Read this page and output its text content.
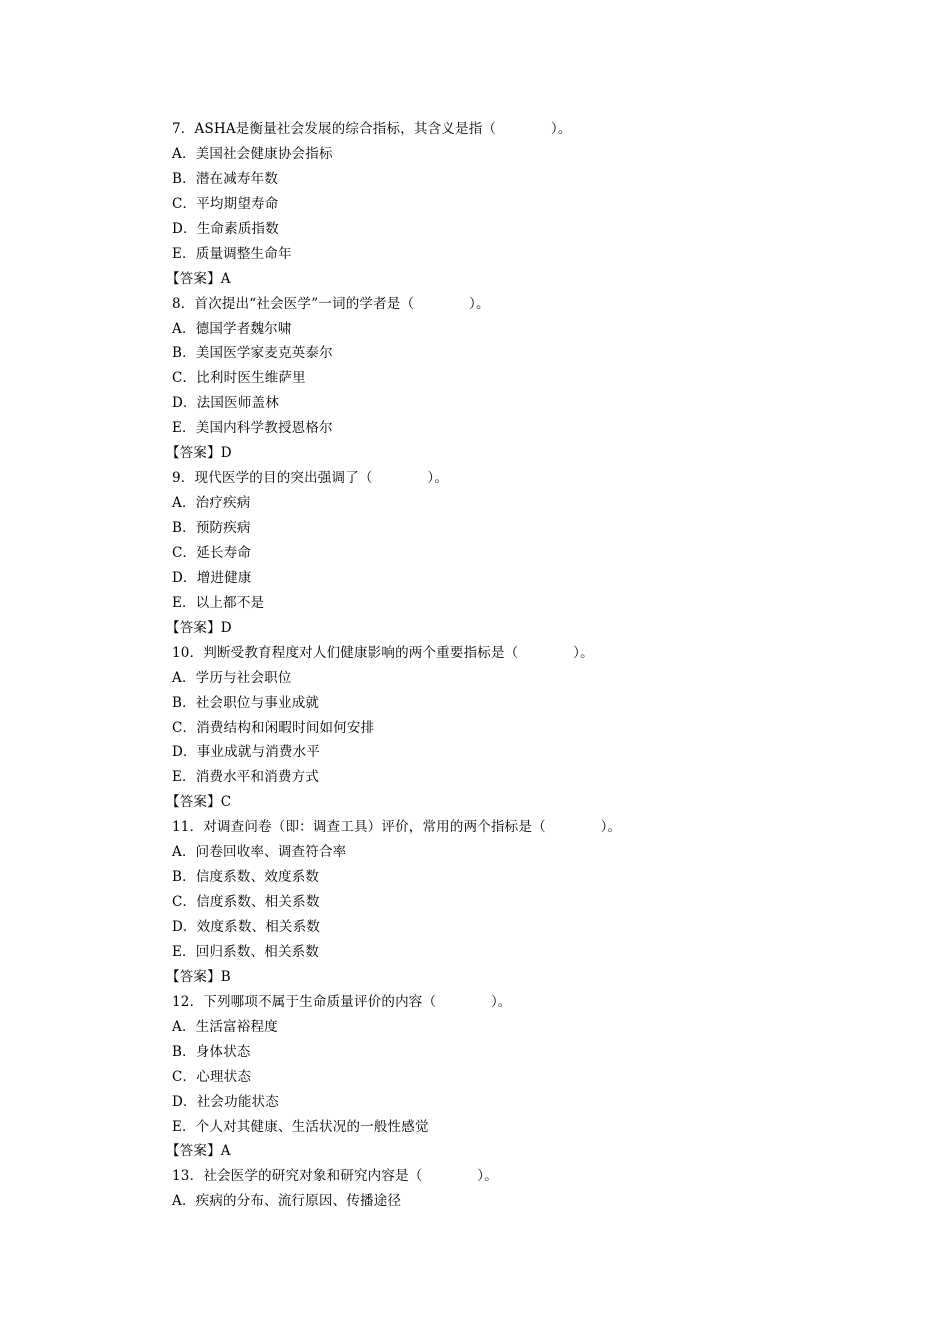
7．ASHA是衡量社会发展的综合指标，其含义是指（　　　　）。
A．美国社会健康协会指标
B．潜在减寿年数
C．平均期望寿命
D．生命素质指数
E．质量调整生命年
【答案】A
8．首次提出“社会医学”一词的学者是（　　　　）。
A．德国学者魏尔啸
B．美国医学家麦克英泰尔
C．比利时医生维萨里
D．法国医师盖林
E．美国内科学教授恩格尔
【答案】D
9．现代医学的目的突出强调了（　　　　）。
A．治疗疾病
B．预防疾病
C．延长寿命
D．增进健康
E．以上都不是
【答案】D
10．判断受教育程度对人们健康影响的两个重要指标是（　　　　）。
A．学历与社会职位
B．社会职位与事业成就
C．消费结构和闲暇时间如何安排
D．事业成就与消费水平
E．消费水平和消费方式
【答案】C
11．对调查问卷（即：调查工具）评价，常用的两个指标是（　　　　）。
A．问卷回收率、调查符合率
B．信度系数、效度系数
C．信度系数、相关系数
D．效度系数、相关系数
E．回归系数、相关系数
【答案】B
12．下列哪项不属于生命质量评价的内容（　　　　）。
A．生活富裕程度
B．身体状态
C．心理状态
D．社会功能状态
E．个人对其健康、生活状况的一般性感觉
【答案】A
13．社会医学的研究对象和研究内容是（　　　　）。
A．疾病的分布、流行原因、传播途径
